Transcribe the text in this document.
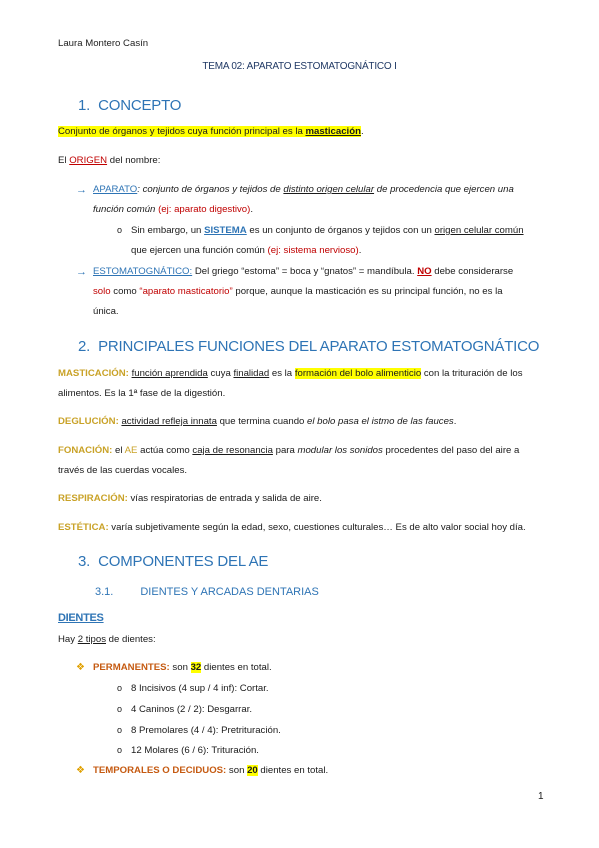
Laura Montero Casín
TEMA 02: APARATO ESTOMATOGNÁTICO I
1. CONCEPTO
Conjunto de órganos y tejidos cuya función principal es la masticación.
El ORIGEN del nombre:
→ APARATO: conjunto de órganos y tejidos de distinto origen celular de procedencia que ejercen una
función común (ej: aparato digestivo).
o Sin embargo, un SISTEMA es un conjunto de órganos y tejidos con un origen celular común
que ejercen una función común (ej: sistema nervioso).
→ ESTOMATOGNÁTICO: Del griego “estoma” = boca y “gnatos” = mandíbula. NO debe considerarse
solo como “aparato masticatorio” porque, aunque la masticación es su principal función, no es la
única.
2. PRINCIPALES FUNCIONES DEL APARATO ESTOMATOGNÁTICO
MASTICACIÓN: función aprendida cuya finalidad es la formación del bolo alimenticio con la trituración de los
alimentos. Es la 1ª fase de la digestión.
DEGLUCIÓN: actividad refleja innata que termina cuando el bolo pasa el istmo de las fauces.
FONACIÓN: el AE actúa como caja de resonancia para modular los sonidos procedentes del paso del aire a
través de las cuerdas vocales.
RESPIRACIÓN: vías respiratorias de entrada y salida de aire.
ESTÉTICA: varía subjetivamente según la edad, sexo, cuestiones culturales… Es de alto valor social hoy día.
3. COMPONENTES DEL AE
3.1. DIENTES Y ARCADAS DENTARIAS
DIENTES
Hay 2 tipos de dientes:
❖ PERMANENTES: son 32 dientes en total.
o 8 Incisivos (4 sup / 4 inf): Cortar.
o 4 Caninos (2 / 2): Desgarrar.
o 8 Premolares (4 / 4): Pretrituración.
o 12 Molares (6 / 6): Trituración.
❖ TEMPORALES O DECIDUOS: son 20 dientes en total.
1
